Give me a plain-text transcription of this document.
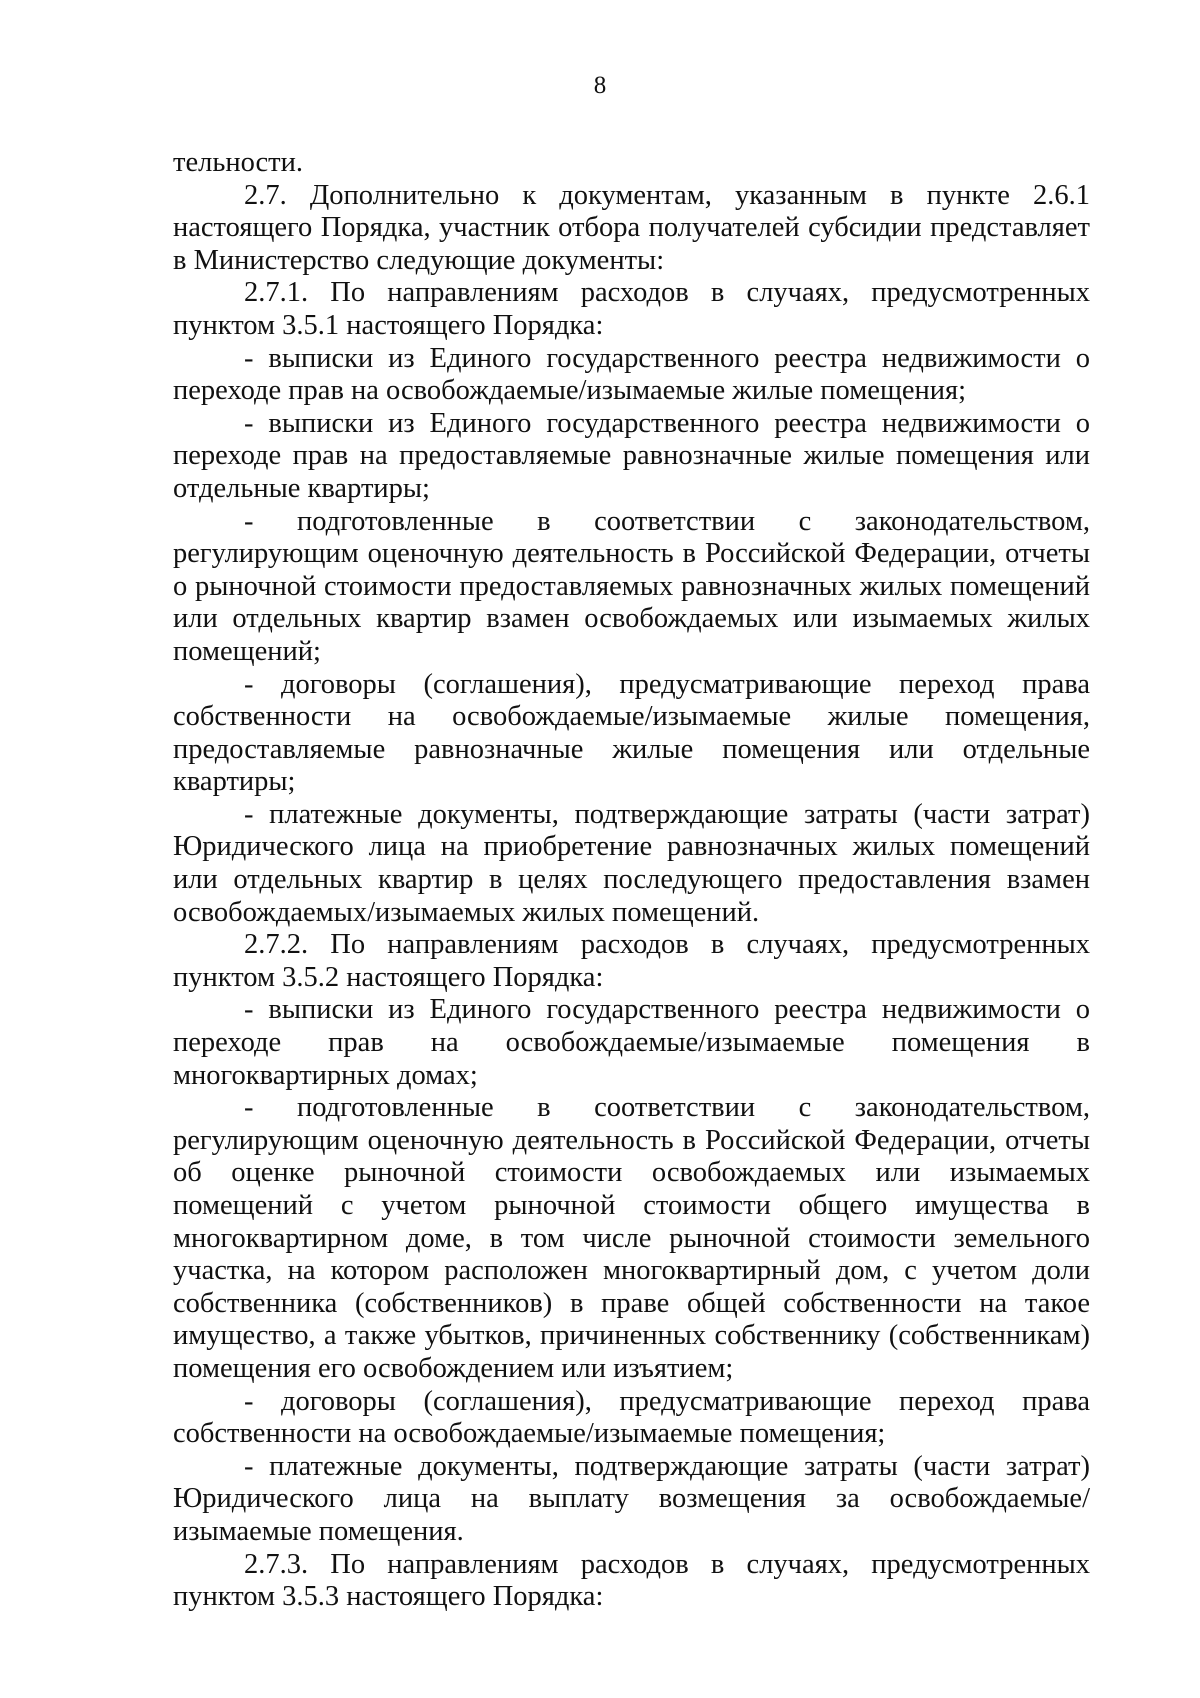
8

тельности.

2.7. Дополнительно к документам, указанным в пункте 2.6.1 настоящего Порядка, участник отбора получателей субсидии представляет в Министерство следующие документы:

2.7.1. По направлениям расходов в случаях, предусмотренных пунктом 3.5.1 настоящего Порядка:

- выписки из Единого государственного реестра недвижимости о переходе прав на освобождаемые/изымаемые жилые помещения;

- выписки из Единого государственного реестра недвижимости о переходе прав на предоставляемые равнозначные жилые помещения или отдельные квартиры;

- подготовленные в соответствии с законодательством, регулирующим оценочную деятельность в Российской Федерации, отчеты о рыночной стоимости предоставляемых равнозначных жилых помещений или отдельных квартир взамен освобождаемых или изымаемых жилых помещений;

- договоры (соглашения), предусматривающие переход права собственности на освобождаемые/изымаемые жилые помещения, предоставляемые равнозначные жилые помещения или отдельные квартиры;

- платежные документы, подтверждающие затраты (части затрат) Юридического лица на приобретение равнозначных жилых помещений или отдельных квартир в целях последующего предоставления взамен освобождаемых/изымаемых жилых помещений.

2.7.2. По направлениям расходов в случаях, предусмотренных пунктом 3.5.2 настоящего Порядка:

- выписки из Единого государственного реестра недвижимости о переходе прав на освобождаемые/изымаемые помещения в многоквартирных домах;

- подготовленные в соответствии с законодательством, регулирующим оценочную деятельность в Российской Федерации, отчеты об оценке рыночной стоимости освобождаемых или изымаемых помещений с учетом рыночной стоимости общего имущества в многоквартирном доме, в том числе рыночной стоимости земельного участка, на котором расположен многоквартирный дом, с учетом доли собственника (собственников) в праве общей собственности на такое имущество, а также убытков, причиненных собственнику (собственникам) помещения его освобождением или изъятием;

- договоры (соглашения), предусматривающие переход права собственности на освобождаемые/изымаемые помещения;

- платежные документы, подтверждающие затраты (части затрат) Юридического лица на выплату возмещения за освобождаемые/изымаемые помещения.

2.7.3. По направлениям расходов в случаях, предусмотренных пунктом 3.5.3 настоящего Порядка:
